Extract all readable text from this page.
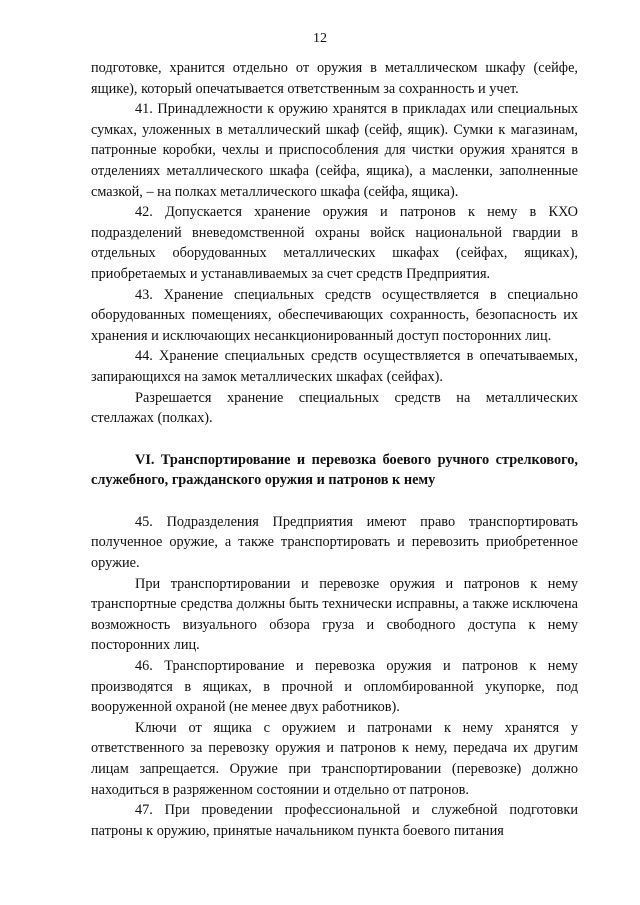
12

подготовке, хранится отдельно от оружия в металлическом шкафу (сейфе, ящике), который опечатывается ответственным за сохранность и учет.

41. Принадлежности к оружию хранятся в прикладах или специальных сумках, уложенных в металлический шкаф (сейф, ящик). Сумки к магазинам, патронные коробки, чехлы и приспособления для чистки оружия хранятся в отделениях металлического шкафа (сейфа, ящика), а масленки, заполненные смазкой, – на полках металлического шкафа (сейфа, ящика).

42. Допускается хранение оружия и патронов к нему в КХО подразделений вневедомственной охраны войск национальной гвардии в отдельных оборудованных металлических шкафах (сейфах, ящиках), приобретаемых и устанавливаемых за счет средств Предприятия.

43. Хранение специальных средств осуществляется в специально оборудованных помещениях, обеспечивающих сохранность, безопасность их хранения и исключающих несанкционированный доступ посторонних лиц.

44. Хранение специальных средств осуществляется в опечатываемых, запирающихся на замок металлических шкафах (сейфах).

Разрешается хранение специальных средств на металлических стеллажах (полках).

VI. Транспортирование и перевозка боевого ручного стрелкового, служебного, гражданского оружия и патронов к нему

45. Подразделения Предприятия имеют право транспортировать полученное оружие, а также транспортировать и перевозить приобретенное оружие.

При транспортировании и перевозке оружия и патронов к нему транспортные средства должны быть технически исправны, а также исключена возможность визуального обзора груза и свободного доступа к нему посторонних лиц.

46. Транспортирование и перевозка оружия и патронов к нему производятся в ящиках, в прочной и опломбированной укупорке, под вооруженной охраной (не менее двух работников).

Ключи от ящика с оружием и патронами к нему хранятся у ответственного за перевозку оружия и патронов к нему, передача их другим лицам запрещается. Оружие при транспортировании (перевозке) должно находиться в разряженном состоянии и отдельно от патронов.

47. При проведении профессиональной и служебной подготовки патроны к оружию, принятые начальником пункта боевого питания
